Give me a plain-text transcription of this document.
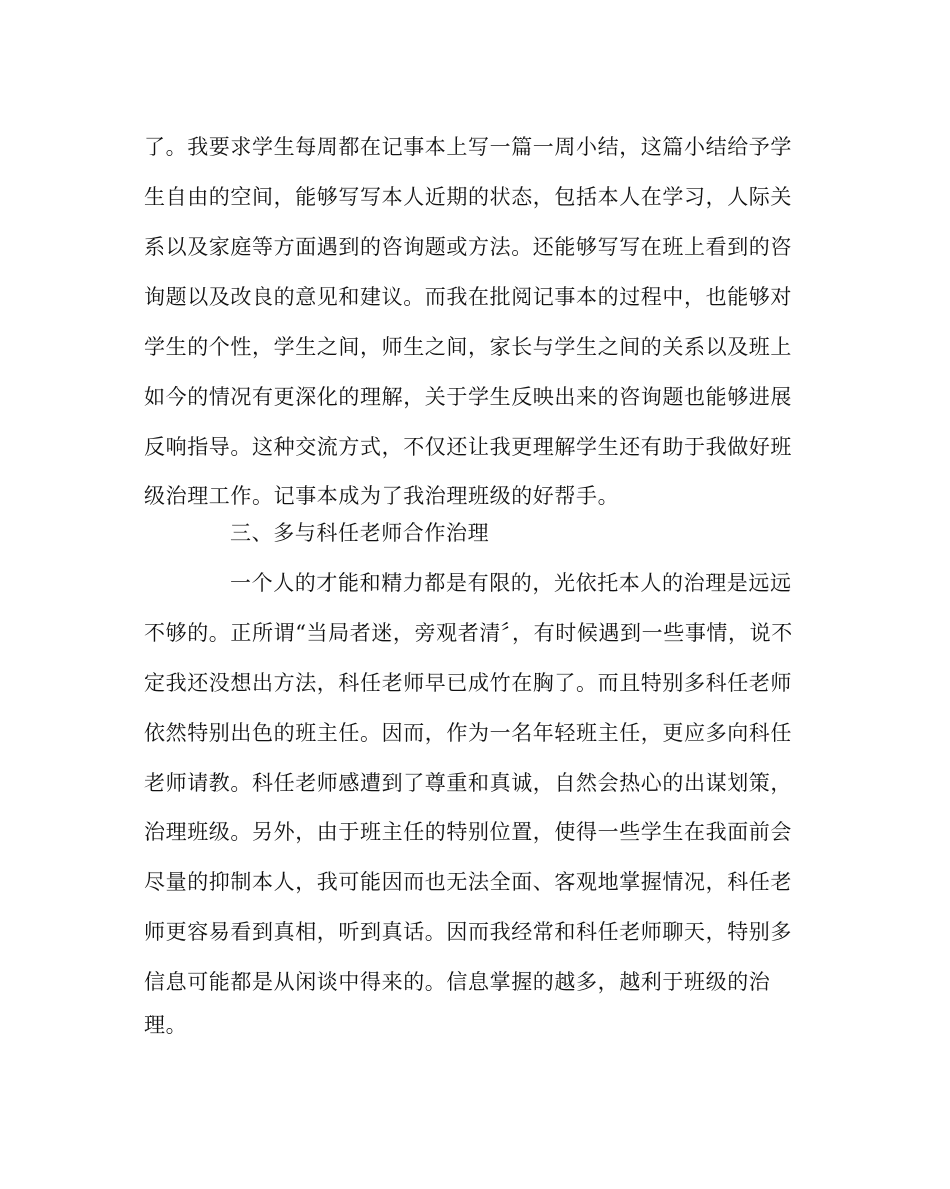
了。我要求学生每周都在记事本上写一篇一周小结，这篇小结给予学
生自由的空间，能够写写本人近期的状态，包括本人在学习，人际关
系以及家庭等方面遇到的咨询题或方法。还能够写写在班上看到的咨
询题以及改良的意见和建议。而我在批阅记事本的过程中，也能够对
学生的个性，学生之间，师生之间，家长与学生之间的关系以及班上
如今的情况有更深化的理解，关于学生反映出来的咨询题也能够进展
反响指导。这种交流方式，不仅还让我更理解学生还有助于我做好班
级治理工作。记事本成为了我治理班级的好帮手。
三、多与科任老师合作治理
一个人的才能和精力都是有限的，光依托本人的治理是远远
不够的。正所谓“当局者迷，旁观者清〞，有时候遇到一些事情，说不
定我还没想出方法，科任老师早已成竹在胸了。而且特别多科任老师
依然特别出色的班主任。因而，作为一名年轻班主任，更应多向科任
老师请教。科任老师感遭到了尊重和真诚，自然会热心的出谋划策，
治理班级。另外，由于班主任的特别位置，使得一些学生在我面前会
尽量的抑制本人，我可能因而也无法全面、客观地掌握情况，科任老
师更容易看到真相，听到真话。因而我经常和科任老师聊天，特别多
信息可能都是从闲谈中得来的。信息掌握的越多，越利于班级的治
理。
